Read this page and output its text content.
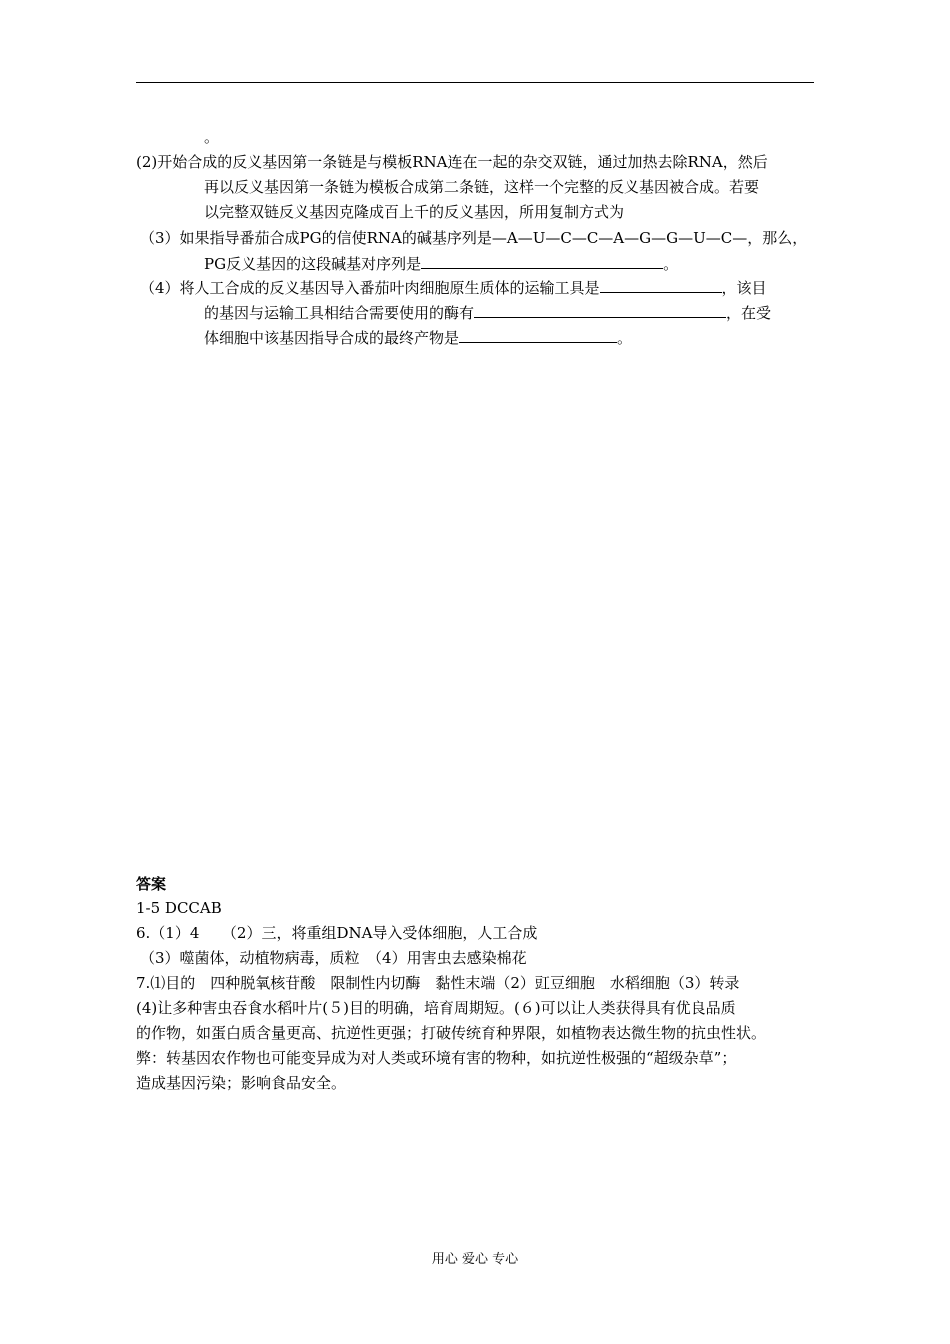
。
(2)开始合成的反义基因第一条链是与模板RNA连在一起的杂交双链，通过加热去除RNA，然后
再以反义基因第一条链为模板合成第二条链，这样一个完整的反义基因被合成。若要
以完整双链反义基因克隆成百上千的反义基因，所用复制方式为
（3）如果指导番茄合成PG的信使RNA的碱基序列是—A—U—C—C—A—G—G—U—C—，那么，
PG反义基因的这段碱基对序列是	。
（4）将人工合成的反义基因导入番茄叶肉细胞原生质体的运输工具是	，该目
的基因与运输工具相结合需要使用的酶有	，在受
体细胞中该基因指导合成的最终产物是	。
答案
1-5 DCCAB
6.（1）4　　（2）三，将重组DNA导入受体细胞，人工合成
（3）噬菌体，动植物病毒，质粒　（4）用害虫去感染棉花
7.⑴目的　四种脱氧核苷酸　限制性内切酶　黏性末端（2）豇豆细胞　水稻细胞（3）转录
(4)让多种害虫吞食水稻叶片(５)目的明确，培育周期短。(６)可以让人类获得具有优良品质
的作物，如蛋白质含量更高、抗逆性更强；打破传统育种界限，如植物表达微生物的抗虫性状。
弊：转基因农作物也可能变异成为对人类或环境有害的物种，如抗逆性极强的“超级杂草”；
造成基因污染；影响食品安全。
用心 爱心 专心
